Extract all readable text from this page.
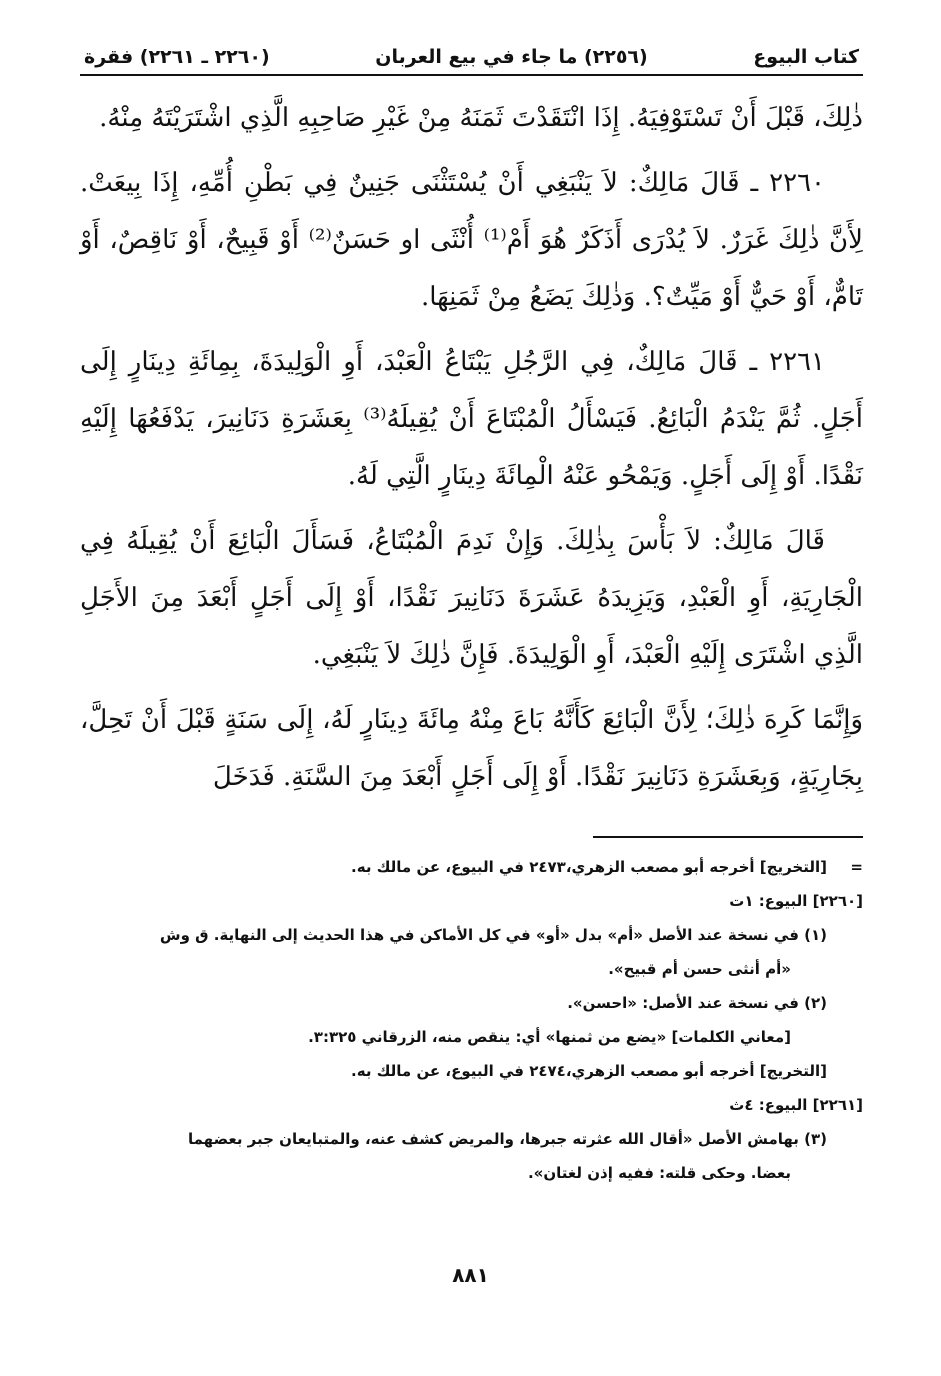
كتاب البيوع
(٢٢٥٦) ما جاء في بيع العربان
(٢٢٦٠ ـ ٢٢٦١) فقرة

ذٰلِكَ، قَبْلَ أَنْ تَسْتَوْفِيَهُ. إِذَا انْتَقَدْتَ ثَمَنَهُ مِنْ غَيْرِ صَاحِبِهِ الَّذِي اشْتَرَيْتَهُ مِنْهُ.

٢٢٦٠ ـ قَالَ مَالِكٌ: لاَ يَنْبَغِي أَنْ يُسْتَثْنَى جَنِينٌ فِي بَطْنِ أُمِّهِ، إِذَا بِيعَتْ. لِأَنَّ ذٰلِكَ غَرَرٌ. لاَ يُدْرَى أَذَكَرٌ هُوَ أَمْ⁽¹⁾ أُنْثَى او حَسَنٌ⁽²⁾ أَوْ قَبِيحٌ، أَوْ نَاقِصٌ، أَوْ تَامٌّ، أَوْ حَيٌّ أَوْ مَيِّتٌ؟. وَذٰلِكَ يَضَعُ مِنْ ثَمَنِهَا.

٢٢٦١ ـ قَالَ مَالِكٌ، فِي الرَّجُلِ يَبْتَاعُ الْعَبْدَ، أَوِ الْوَلِيدَةَ، بِمِائَةِ دِينَارٍ إِلَى أَجَلٍ. ثُمَّ يَنْدَمُ الْبَائِعُ. فَيَسْأَلُ الْمُبْتَاعَ أَنْ يُقِيلَهُ⁽³⁾ بِعَشَرَةِ دَنَانِيرَ، يَدْفَعُهَا إِلَيْهِ نَقْدًا. أَوْ إِلَى أَجَلٍ. وَيَمْحُو عَنْهُ الْمِائَةَ دِينَارٍ الَّتِي لَهُ.

قَالَ مَالِكٌ: لاَ بَأْسَ بِذٰلِكَ. وَإِنْ نَدِمَ الْمُبْتَاعُ، فَسَأَلَ الْبَائِعَ أَنْ يُقِيلَهُ فِي الْجَارِيَةِ، أَوِ الْعَبْدِ، وَيَزِيدَهُ عَشَرَةَ دَنَانِيرَ نَقْدًا، أَوْ إِلَى أَجَلٍ أَبْعَدَ مِنَ الأَجَلِ الَّذِي اشْتَرَى إِلَيْهِ الْعَبْدَ، أَوِ الْوَلِيدَةَ. فَإِنَّ ذٰلِكَ لاَ يَنْبَغِي.

وَإِنَّمَا كَرِهَ ذٰلِكَ؛ لِأَنَّ الْبَائِعَ كَأَنَّهُ بَاعَ مِنْهُ مِائَةَ دِينَارٍ لَهُ، إِلَى سَنَةٍ قَبْلَ أَنْ تَحِلَّ، بِجَارِيَةٍ، وَبِعَشَرَةِ دَنَانِيرَ نَقْدًا. أَوْ إِلَى أَجَلٍ أَبْعَدَ مِنَ السَّنَةِ. فَدَخَلَ

=[التخريج] أخرجه أبو مصعب الزهري،٢٤٧٣ في البيوع، عن مالك به.
[٢٢٦٠] البيوع: ١ت
(١) في نسخة عند الأصل «أم» بدل «أو» في كل الأماكن في هذا الحديث إلى النهاية. ق وش
«أم أنثى حسن أم قبيح».
(٢) في نسخة عند الأصل: «احسن».
[معاني الكلمات] «يضع من ثمنها» أي: ينقص منه، الزرقاني ٣:٣٢٥.
[التخريج] أخرجه أبو مصعب الزهري،٢٤٧٤ في البيوع، عن مالك به.
[٢٢٦١] البيوع: ٤ث
(٣) بهامش الأصل «أقال الله عثرته جبرها، والمريض كشف عنه، والمتبايعان جبر بعضهما
بعضا. وحكى قلته: ففيه إذن لغتان».
٨٨١
